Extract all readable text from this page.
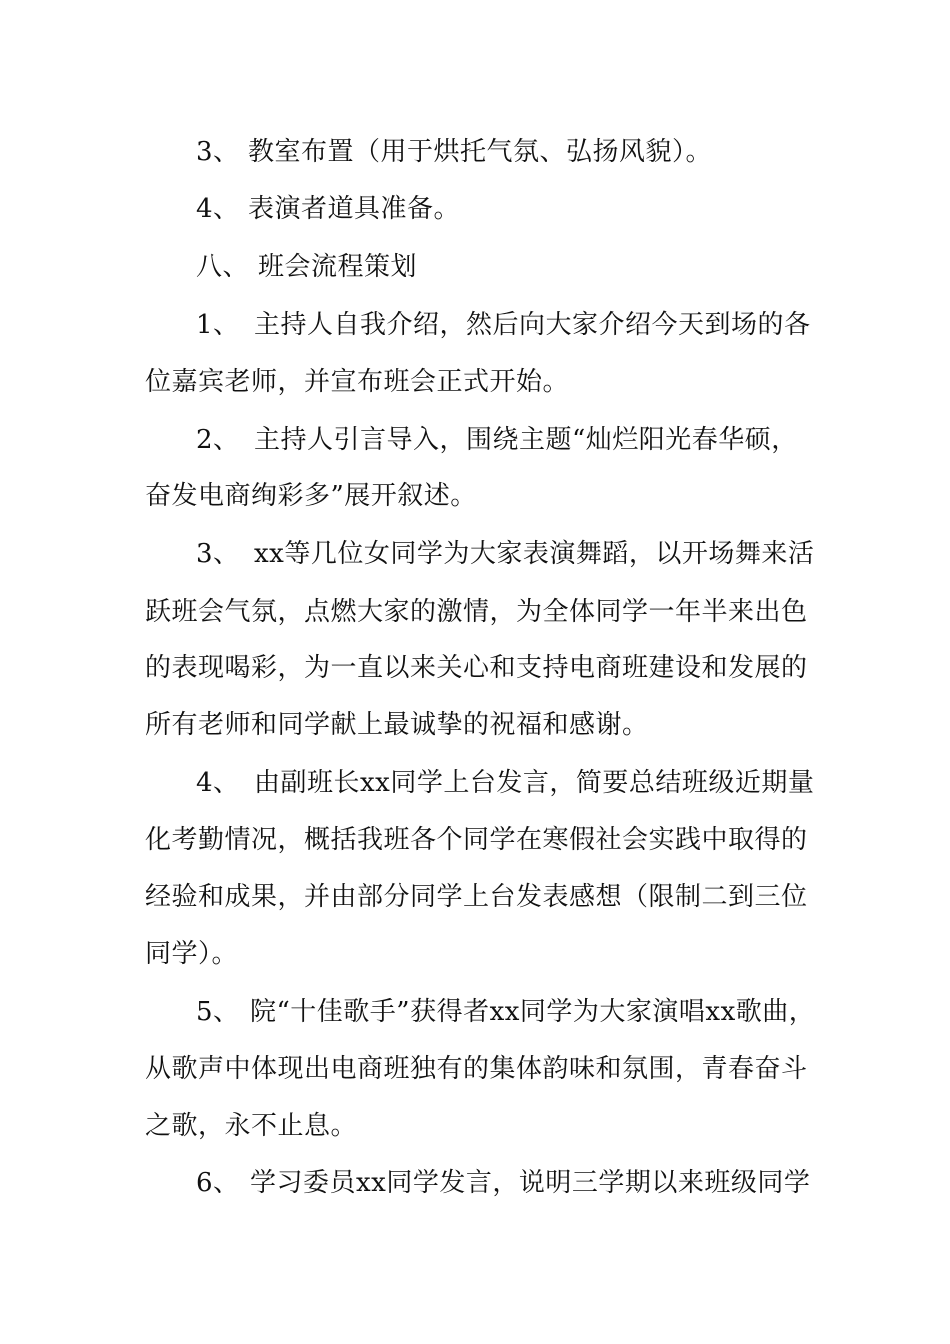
3、 教室布置（用于烘托气氛、弘扬风貌）。
4、 表演者道具准备。
八、 班会流程策划
1、 主持人自我介绍，然后向大家介绍今天到场的各
位嘉宾老师，并宣布班会正式开始。
2、 主持人引言导入，围绕主题“灿烂阳光春华硕，
奋发电商绚彩多”展开叙述。
3、 xx等几位女同学为大家表演舞蹈，以开场舞来活
跃班会气氛，点燃大家的激情，为全体同学一年半来出色
的表现喝彩，为一直以来关心和支持电商班建设和发展的
所有老师和同学献上最诚挚的祝福和感谢。
4、 由副班长xx同学上台发言，简要总结班级近期量
化考勤情况，概括我班各个同学在寒假社会实践中取得的
经验和成果，并由部分同学上台发表感想（限制二到三位
同学）。
5、 院“十佳歌手”获得者xx同学为大家演唱xx歌曲，
从歌声中体现出电商班独有的集体韵味和氛围，青春奋斗
之歌，永不止息。
6、 学习委员xx同学发言，说明三学期以来班级同学
